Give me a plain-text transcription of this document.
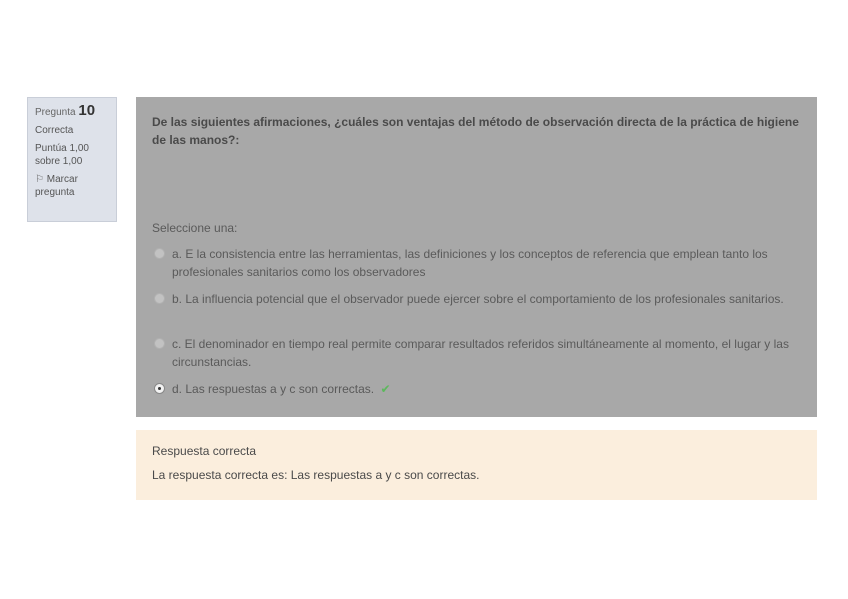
Pregunta 10
Correcta
Puntúa 1,00 sobre 1,00
⚐ Marcar pregunta
De las siguientes afirmaciones, ¿cuáles son ventajas del método de observación directa de la práctica de higiene de las manos?:
Seleccione una:
a. E la consistencia entre las herramientas, las definiciones y los conceptos de referencia que emplean tanto los profesionales sanitarios como los observadores
b. La influencia potencial que el observador puede ejercer sobre el comportamiento de los profesionales sanitarios.
c. El denominador en tiempo real permite comparar resultados referidos simultáneamente al momento, el lugar y las circunstancias.
d. Las respuestas a y c son correctas. ✔
Respuesta correcta
La respuesta correcta es: Las respuestas a y c son correctas.
